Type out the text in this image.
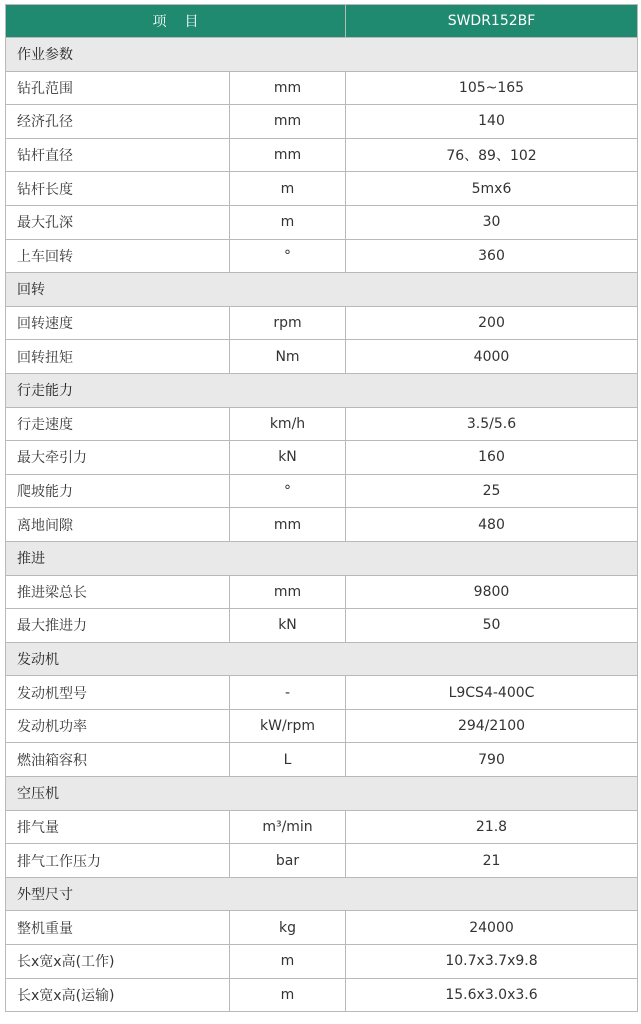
项目		SWDR152BF
作业参数		
钻孔范围	mm	105~165
经济孔径	mm	140
钻杆直径	mm	76、89、102
钻杆长度	m	5mx6
最大孔深	m	30
上车回转	°	360
回转		
回转速度	rpm	200
回转扭矩	Nm	4000
行走能力		
行走速度	km/h	3.5/5.6
最大牵引力	kN	160
爬坡能力	°	25
离地间隙	mm	480
推进		
推进梁总长	mm	9800
最大推进力	kN	50
发动机		
发动机型号	-	L9CS4-400C
发动机功率	kW/rpm	294/2100
燃油箱容积	L	790
空压机		
排气量	m³/min	21.8
排气工作压力	bar	21
外型尺寸		
整机重量	kg	24000
长x宽x高(工作)	m	10.7x3.7x9.8
长x宽x高(运输)	m	15.6x3.0x3.6
